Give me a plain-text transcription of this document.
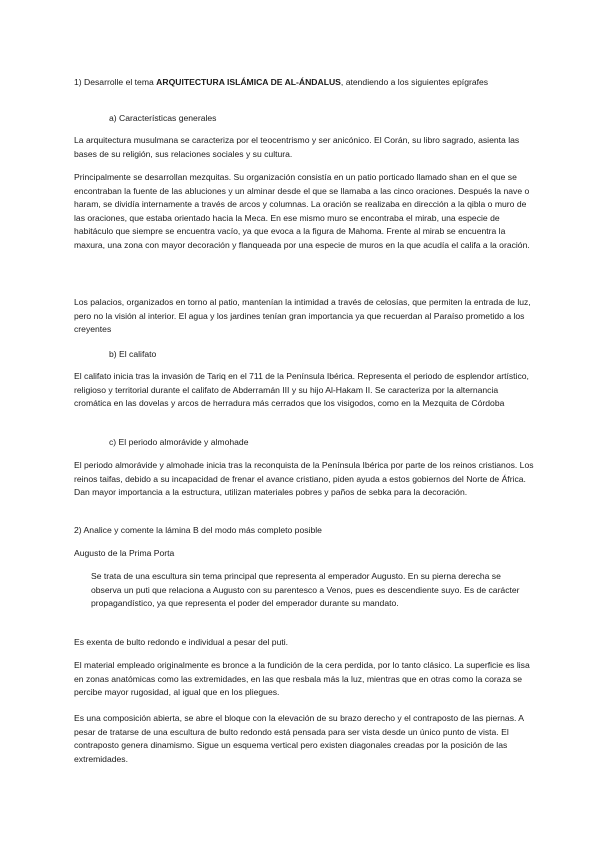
1) Desarrolle el tema ARQUITECTURA ISLÁMICA DE AL-ÁNDALUS, atendiendo a los siguientes epígrafes

a) Características generales

La arquitectura musulmana se caracteriza por el teocentrismo y ser anicónico. El Corán, su libro sagrado, asienta las bases de su religión, sus relaciones sociales y su cultura.

Principalmente se desarrollan mezquitas. Su organización consistía en un patio porticado llamado shan en el que se encontraban la fuente de las abluciones y un alminar desde el que se llamaba a las cinco oraciones. Después la nave o haram, se dividía internamente a través de arcos y columnas. La oración se realizaba en dirección a la qibla o muro de las oraciones, que estaba orientado hacia la Meca. En ese mismo muro se encontraba el mirab, una especie de habitáculo que siempre se encuentra vacío, ya que evoca a la figura de Mahoma. Frente al mirab se encuentra la maxura, una zona con mayor decoración y flanqueada por una especie de muros en la que acudía el califa a la oración.

Los palacios, organizados en torno al patio, mantenían la intimidad a través de celosías, que permiten la entrada de luz, pero no la visión al interior. El agua y los jardines tenían gran importancia ya que recuerdan al Paraíso prometido a los creyentes

b) El califato

El califato inicia tras la invasión de Tariq en el 711 de la Península Ibérica. Representa el periodo de esplendor artístico, religioso y territorial durante el califato de Abderramán III y su hijo Al-Hakam II. Se caracteriza por la alternancia cromática en las dovelas y arcos de herradura más cerrados que los visigodos, como en la Mezquita de Córdoba

c) El periodo almorávide y almohade

El periodo almorávide y almohade inicia tras la reconquista de la Península Ibérica por parte de los reinos cristianos. Los reinos taifas, debido a su incapacidad de frenar el avance cristiano, piden ayuda a estos gobiernos del Norte de África. Dan mayor importancia a la estructura, utilizan materiales pobres y paños de sebka para la decoración.

2) Analice y comente la lámina B del modo más completo posible

Augusto de la Prima Porta

Se trata de una escultura sin tema principal que representa al emperador Augusto. En su pierna derecha se observa un puti que relaciona a Augusto con su parentesco a Venos, pues es descendiente suyo. Es de carácter propagandístico, ya que representa el poder del emperador durante su mandato.

Es exenta de bulto redondo e individual a pesar del puti.

El material empleado originalmente es bronce a la fundición de la cera perdida, por lo tanto clásico. La superficie es lisa en zonas anatómicas como las extremidades, en las que resbala más la luz, mientras que en otras como la coraza se percibe mayor rugosidad, al igual que en los pliegues.

Es una composición abierta, se abre el bloque con la elevación de su brazo derecho y el contraposto de las piernas. A pesar de tratarse de una escultura de bulto redondo está pensada para ser vista desde un único punto de vista. El contraposto genera dinamismo. Sigue un esquema vertical pero existen diagonales creadas por la posición de las extremidades.
